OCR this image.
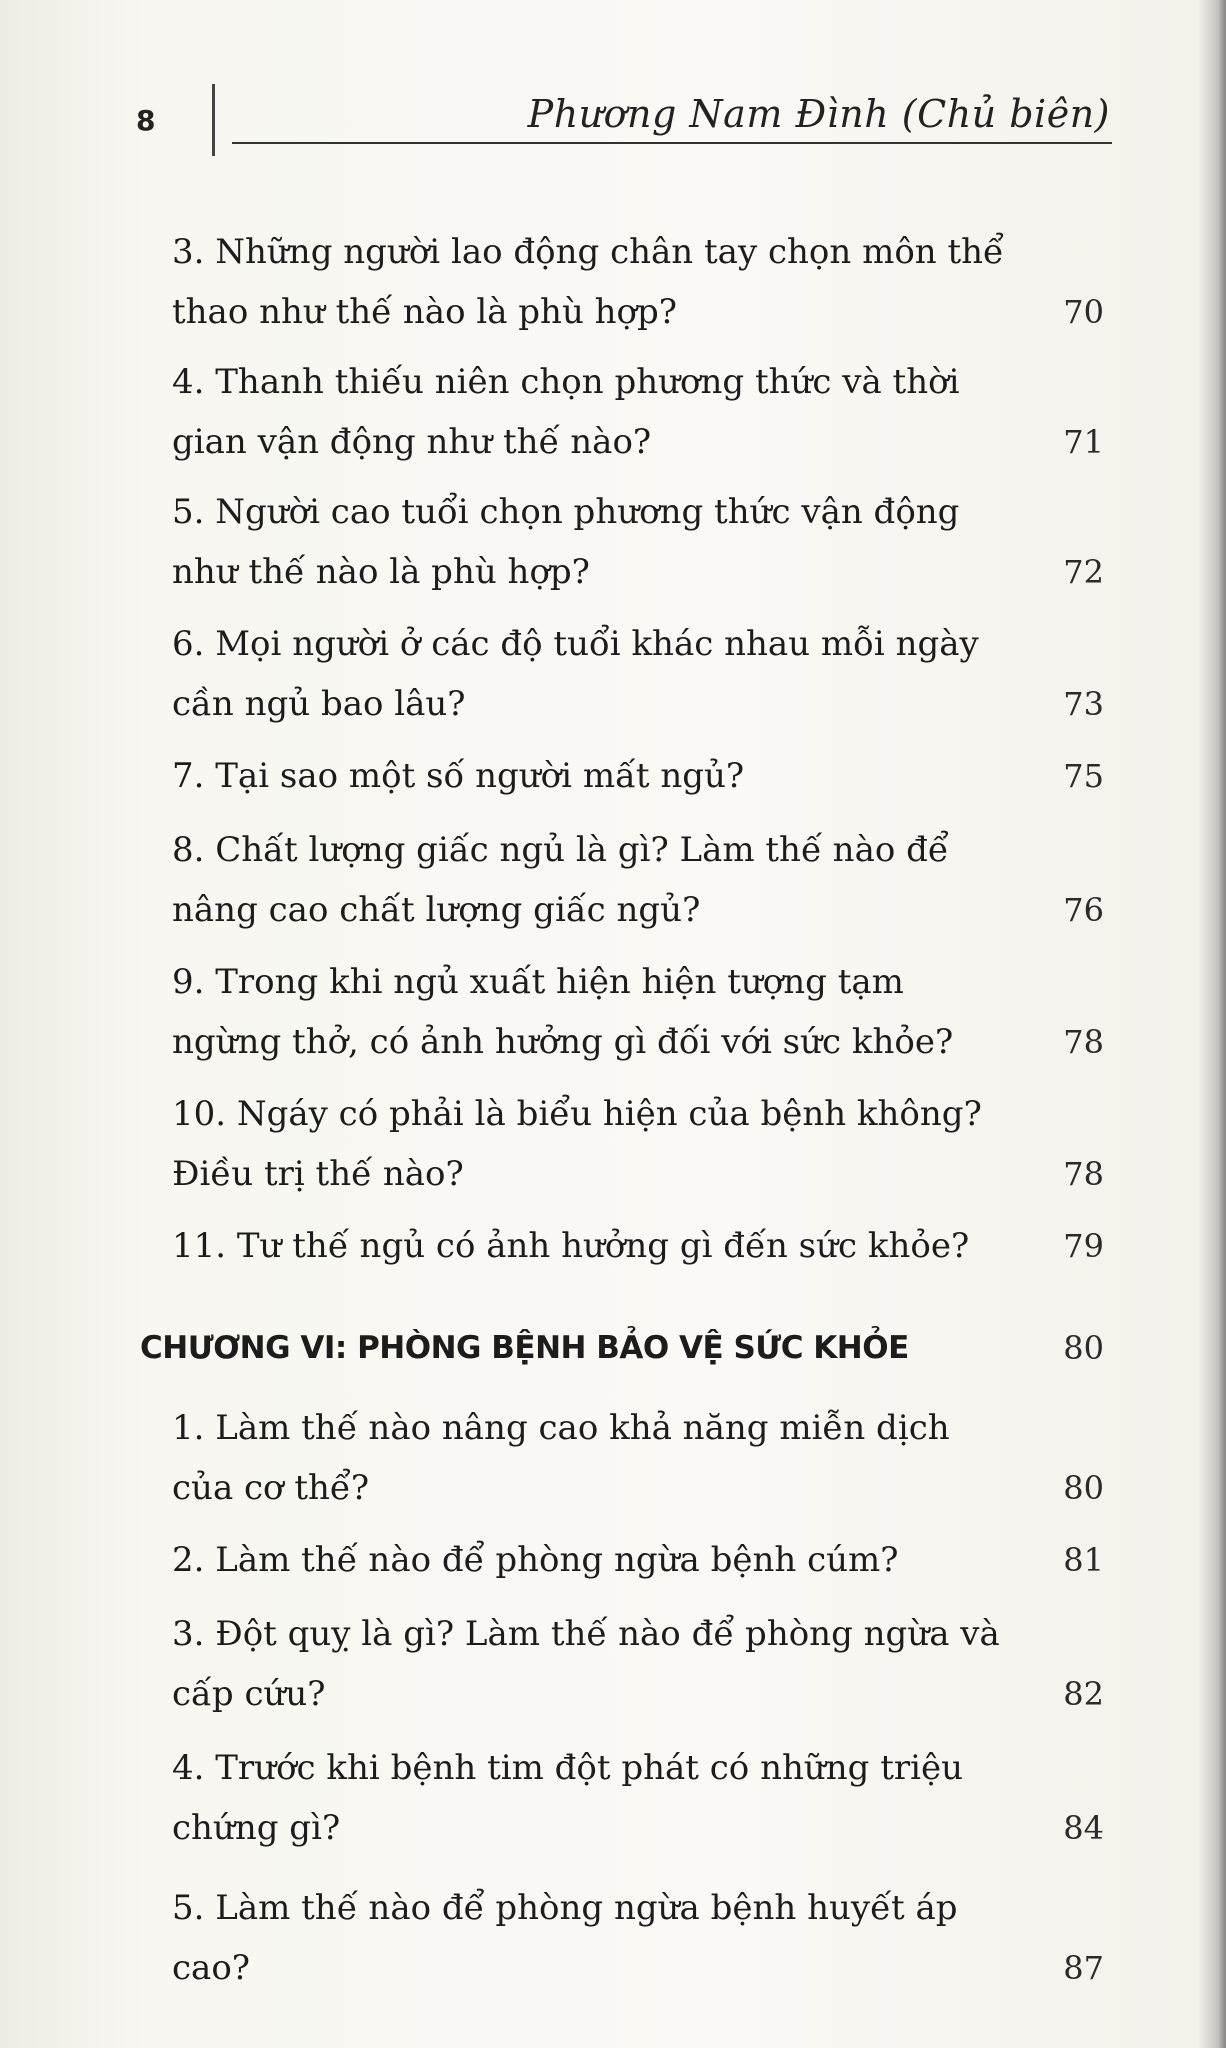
8	Phương Nam Đình (Chủ biên)
3. Những người lao động chân tay chọn môn thể thao như thế nào là phù hợp?	70
4. Thanh thiếu niên chọn phương thức và thời gian vận động như thế nào?	71
5. Người cao tuổi chọn phương thức vận động như thế nào là phù hợp?	72
6. Mọi người ở các độ tuổi khác nhau mỗi ngày cần ngủ bao lâu?	73
7. Tại sao một số người mất ngủ?	75
8. Chất lượng giấc ngủ là gì? Làm thế nào để nâng cao chất lượng giấc ngủ?	76
9. Trong khi ngủ xuất hiện hiện tượng tạm ngừng thở, có ảnh hưởng gì đối với sức khỏe?	78
10. Ngáy có phải là biểu hiện của bệnh không? Điều trị thế nào?	78
11. Tư thế ngủ có ảnh hưởng gì đến sức khỏe?	79
CHƯƠNG VI: PHÒNG BỆNH BẢO VỆ SỨC KHỎE	80
1. Làm thế nào nâng cao khả năng miễn dịch của cơ thể?	80
2. Làm thế nào để phòng ngừa bệnh cúm?	81
3. Đột quỵ là gì? Làm thế nào để phòng ngừa và cấp cứu?	82
4. Trước khi bệnh tim đột phát có những triệu chứng gì?	84
5. Làm thế nào để phòng ngừa bệnh huyết áp cao?	87
